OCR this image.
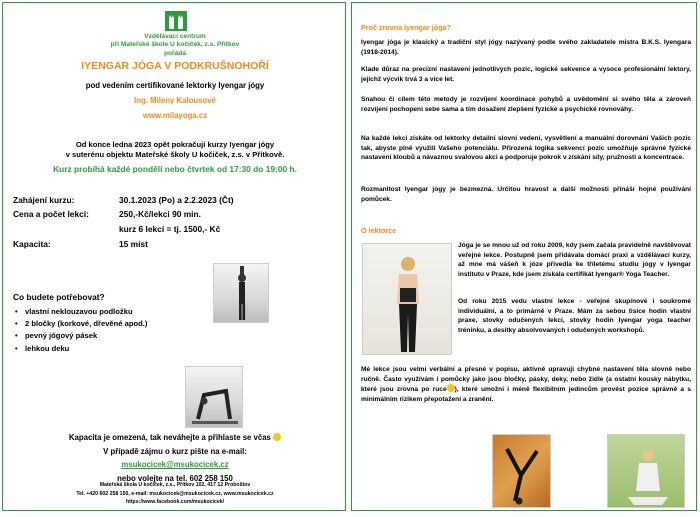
Vzdělávací centrum
při Mateřské škole U kočiček, z.s. Přítkov
pořádá
IYENGAR JÓGA V PODKRUŠNOHOŘÍ
pod vedením certifikované lektorky Iyengar jógy
Ing. Mileny Kalousové
www.milayoga.cz
Od konce ledna 2023 opět pokračují kurzy Iyengar jógy
v suterénu objektu Mateřské školy U kočiček, z.s. v Přítkově.
Kurz probíhá každé pondělí nebo čtvrtek od 17:30 do 19:00 h.
Zahájení kurzu:	30.1.2023 (Po) a 2.2.2023 (Čt)
Cena a počet lekcí:	250,-Kč/lekci 90 min.
kurz 6 lekcí = tj. 1500,- Kč
Kapacita:	15 míst
Co budete potřebovat?
• vlastní neklouzavou podložku
• 2 bločky (korkové, dřevěné apod.)
• pevný jógový pásek
• lehkou deku
Kapacita je omezená, tak neváhejte a přihlaste se včas
V případě zájmu o kurz pište na e-mail:
msukocicek@msukocicek.cz
nebo volejte na tel. 602 258 150
Mateřská škola U kočiček, z.s., Přítkov 102, 417 12 Proboštov
Tel. +420 602 258 150, e-mail: msukocicek@msukocicek.cz, www.msukocicek.cz
https://www.facebook.com/msukocicek/
Proč zrovna Iyengar jóga?

Iyengar jóga je klasický a tradiční styl jógy nazývaný podle svého zakladatele mistra B.K.S. Iyengara (1918-2014).

Klade důraz na precizní nastavení jednotlivých pozic, logické sekvence a vysoce profesionální lektory, jejichž výcvik trvá 3 a více let.

Snahou či cílem této metody je rozvíjení koordinace pohybů a uvědomění si svého těla a zároveň rozvíjení pochopení sebe sama a tím dosažení zlepšení fyzické a psychické rovnováhy.

Na každé lekci získáte od lektorky detailní slovní vedení, vysvětlení a manuální dorovnání Vašich pozic tak, abyste plně využili Vašeho potenciálu. Přirozená logika sekvencí pozic umožňuje správné fyzické nastavení kloubů a návaznou svalovou akci a podporuje pokrok v získání síly, pružnosti a koncentrace.

Rozmanitost Iyengar jógy je bezmezná. Určitou hravost a další možnosti přináší hojné používání pomůcek.

O lektorce

Jóga je se mnou už od roku 2009, kdy jsem začala pravidelně navštěvovat veřejné lekce. Postupně jsem přidávala domácí praxi a vzdělávací kurzy, až mne má vášeň k józe přivedla ke tříletému studiu jógy v Iyengar institutu v Praze, kde jsem získala certifikát Iyengar® Yoga Teacher.

Od roku 2015 vedu vlastní lekce - veřejné skupinové i soukromé individuální, a to primárně v Praze. Mám za sebou tisíce hodin vlastní praxe, stovky odučených lekcí, stovky hodin Iyengar yoga teacher tréninku, a desítky absolvovaných i odučených workshopů.

Mé lekce jsou velmi verbální a přesné v popisu, aktivně upravuji chybné nastavení těla slovně nebo ručně. Často využívám i pomůcky jako jsou bločky, pásky, deky, nebo židle (a ostatní kousky nábytku, které jsou zrovna po ruce ), které umožní i méně flexibilním jedincům provést pozice správně a s minimálním rizikem přepotažení a zranění.
